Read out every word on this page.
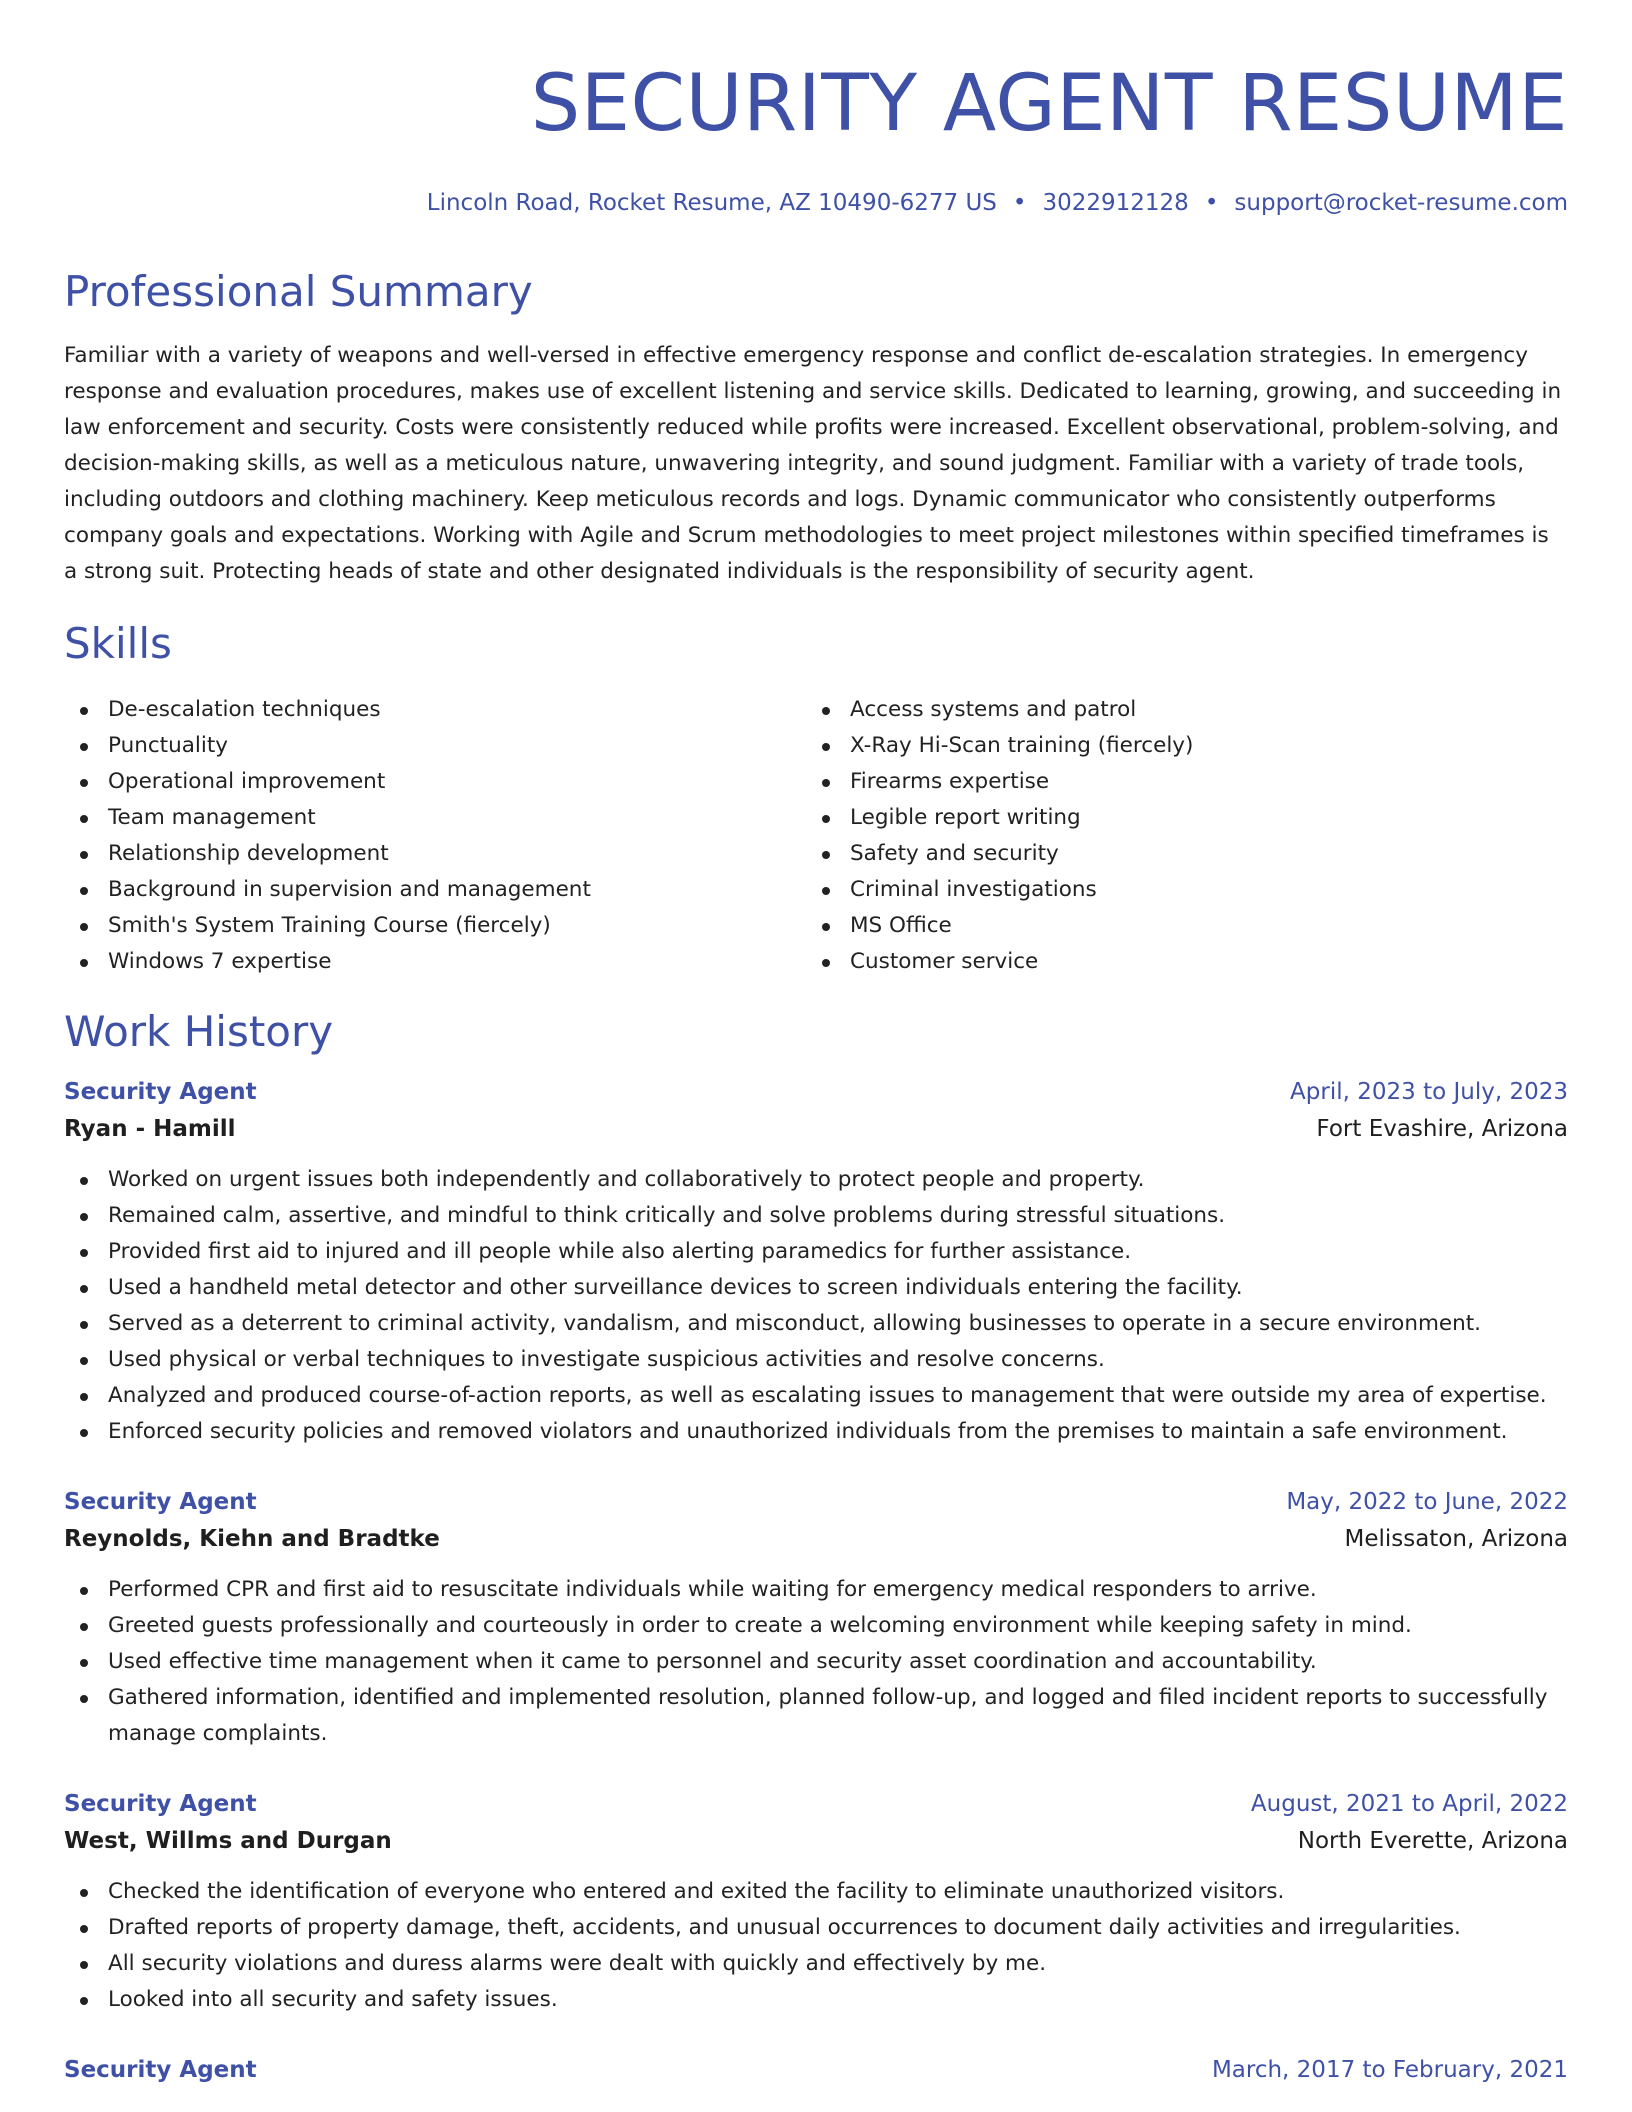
SECURITY AGENT RESUME
Lincoln Road, Rocket Resume, AZ 10490-6277 US • 3022912128 • support@rocket-resume.com
Professional Summary

Familiar with a variety of weapons and well-versed in effective emergency response and conflict de-escalation strategies. In emergency response and evaluation procedures, makes use of excellent listening and service skills. Dedicated to learning, growing, and succeeding in law enforcement and security. Costs were consistently reduced while profits were increased. Excellent observational, problem-solving, and decision-making skills, as well as a meticulous nature, unwavering integrity, and sound judgment. Familiar with a variety of trade tools, including outdoors and clothing machinery. Keep meticulous records and logs. Dynamic communicator who consistently outperforms company goals and expectations. Working with Agile and Scrum methodologies to meet project milestones within specified timeframes is a strong suit. Protecting heads of state and other designated individuals is the responsibility of security agent.

Skills
De-escalation techniques
Punctuality
Operational improvement
Team management
Relationship development
Background in supervision and management
Smith's System Training Course (fiercely)
Windows 7 expertise
Access systems and patrol
X-Ray Hi-Scan training (fiercely)
Firearms expertise
Legible report writing
Safety and security
Criminal investigations
MS Office
Customer service
Work History
Security Agent	April, 2023 to July, 2023
Ryan - Hamill	Fort Evashire, Arizona
Worked on urgent issues both independently and collaboratively to protect people and property.
Remained calm, assertive, and mindful to think critically and solve problems during stressful situations.
Provided first aid to injured and ill people while also alerting paramedics for further assistance.
Used a handheld metal detector and other surveillance devices to screen individuals entering the facility.
Served as a deterrent to criminal activity, vandalism, and misconduct, allowing businesses to operate in a secure environment.
Used physical or verbal techniques to investigate suspicious activities and resolve concerns.
Analyzed and produced course-of-action reports, as well as escalating issues to management that were outside my area of expertise.
Enforced security policies and removed violators and unauthorized individuals from the premises to maintain a safe environment.
Security Agent	May, 2022 to June, 2022
Reynolds, Kiehn and Bradtke	Melissaton, Arizona
Performed CPR and first aid to resuscitate individuals while waiting for emergency medical responders to arrive.
Greeted guests professionally and courteously in order to create a welcoming environment while keeping safety in mind.
Used effective time management when it came to personnel and security asset coordination and accountability.
Gathered information, identified and implemented resolution, planned follow-up, and logged and filed incident reports to successfully manage complaints.
Security Agent	August, 2021 to April, 2022
West, Willms and Durgan	North Everette, Arizona
Checked the identification of everyone who entered and exited the facility to eliminate unauthorized visitors.
Drafted reports of property damage, theft, accidents, and unusual occurrences to document daily activities and irregularities.
All security violations and duress alarms were dealt with quickly and effectively by me.
Looked into all security and safety issues.
Security Agent	March, 2017 to February, 2021
